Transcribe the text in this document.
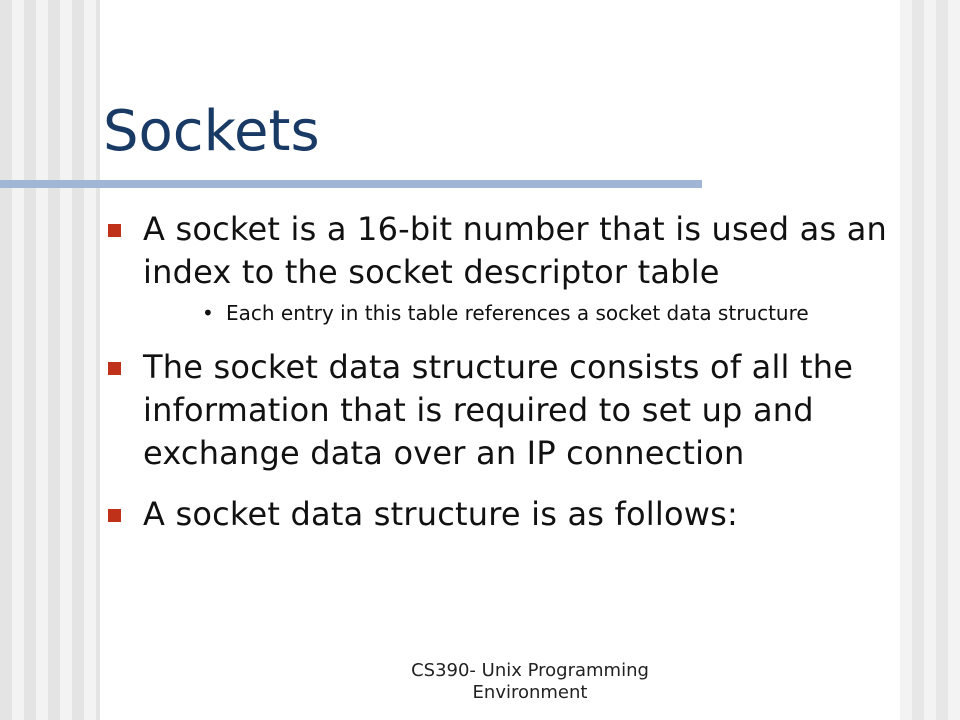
Sockets
A socket is a 16-bit number that is used as an index to the socket descriptor table
• Each entry in this table references a socket data structure
The socket data structure consists of all the information that is required to set up and exchange data over an IP connection
A socket data structure is as follows:
CS390- Unix Programming
Environment
